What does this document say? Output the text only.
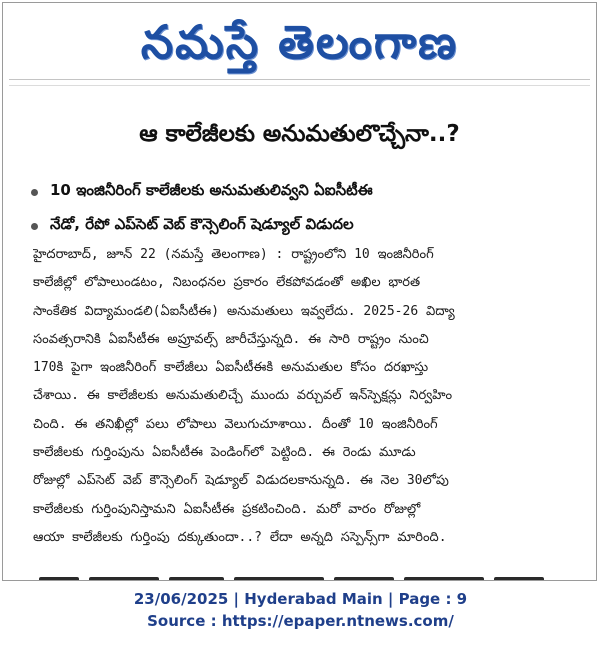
నమస్తే తెలంగాణ
ఆ కాలేజీలకు అనుమతులొచ్చేనా..?
10 ఇంజినీరింగ్ కాలేజీలకు అనుమతులివ్వని ఏఐసీటీఈ
నేడో, రేపో ఎప్‌సెట్ వెబ్ కౌన్సెలింగ్ షెడ్యూల్ విడుదల
హైదరాబాద్, జూన్ 22 (నమస్తే తెలంగాణ) : రాష్ట్రంలోని 10 ఇంజినీరింగ్
కాలేజీల్లో లోపాలుండటం, నిబంధనల ప్రకారం లేకపోవడంతో అఖిల భారత
సాంకేతిక విద్యామండలి(ఏఐసీటీఈ) అనుమతులు ఇవ్వలేదు. 2025-26 విద్యా
సంవత్సరానికి ఏఐసీటీఈ అప్రూవల్స్ జారీచేస్తున్నది. ఈ సారి రాష్ట్రం నుంచి
170కి పైగా ఇంజినీరింగ్ కాలేజీలు ఏఐసీటీఈకి అనుమతుల కోసం దరఖాస్తు
చేశాయి. ఈ కాలేజీలకు అనుమతులిచ్చే ముందు వర్చువల్ ఇన్‌స్పెక్షన్లు నిర్వహిం
చింది. ఈ తనిఖీల్లో పలు లోపాలు వెలుగుచూశాయి. దీంతో 10 ఇంజినీరింగ్
కాలేజీలకు గుర్తింపును ఏఐసీటీఈ పెండింగ్‌లో పెట్టింది. ఈ రెండు మూడు
రోజుల్లో ఎప్‌సెట్ వెబ్ కౌన్సెలింగ్ షెడ్యూల్ విడుదలకానున్నది. ఈ నెల 30లోపు
కాలేజీలకు గుర్తింపునిస్తామని ఏఐసీటీఈ ప్రకటించింది. మరో వారం రోజుల్లో
ఆయా కాలేజీలకు గుర్తింపు దక్కుతుందా..? లేదా అన్నది సస్పెన్స్‌గా మారింది.
23/06/2025 | Hyderabad Main | Page : 9
Source : https://epaper.ntnews.com/
